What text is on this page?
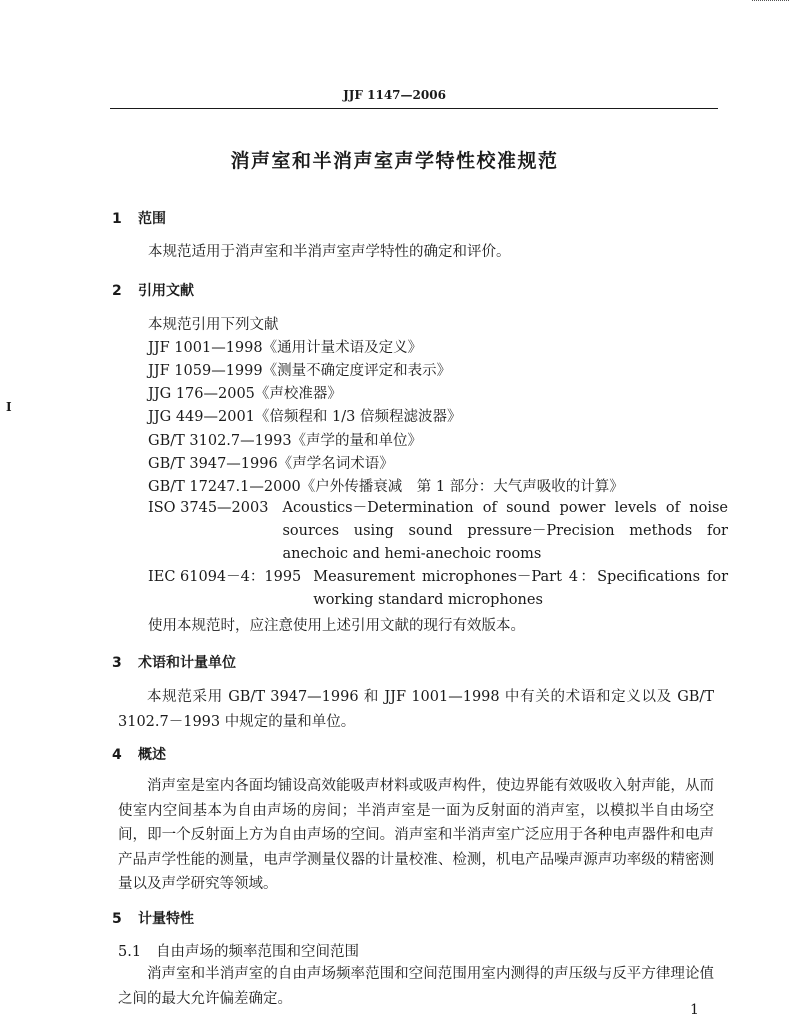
JJF 1147—2006
消声室和半消声室声学特性校准规范
1 范围
本规范适用于消声室和半消声室声学特性的确定和评价。
2 引用文献
本规范引用下列文献
JJF 1001—1998《通用计量术语及定义》
JJF 1059—1999《测量不确定度评定和表示》
JJG 176—2005《声校准器》
JJG 449—2001《倍频程和 1/3 倍频程滤波器》
GB/T 3102.7—1993《声学的量和单位》
GB/T 3947—1996《声学名词术语》
GB/T 17247.1—2000《户外传播衰减　第 1 部分：大气声吸收的计算》
ISO 3745—2003 Acoustics－Determination of sound power levels of noise sources using sound pressure－Precision methods for anechoic and hemi-anechoic rooms
IEC 61094－4：1995 Measurement microphones－Part 4：Specifications for working standard microphones
使用本规范时，应注意使用上述引用文献的现行有效版本。
3 术语和计量单位
本规范采用 GB/T 3947—1996 和 JJF 1001—1998 中有关的术语和定义以及 GB/T 3102.7－1993 中规定的量和单位。
4 概述
消声室是室内各面均铺设高效能吸声材料或吸声构件，使边界能有效吸收入射声能，从而使室内空间基本为自由声场的房间；半消声室是一面为反射面的消声室，以模拟半自由场空间，即一个反射面上方为自由声场的空间。消声室和半消声室广泛应用于各种电声器件和电声产品声学性能的测量，电声学测量仪器的计量校准、检测，机电产品噪声源声功率级的精密测量以及声学研究等领域。
5 计量特性
5.1 自由声场的频率范围和空间范围
消声室和半消声室的自由声场频率范围和空间范围用室内测得的声压级与反平方律理论值之间的最大允许偏差确定。
I
1
